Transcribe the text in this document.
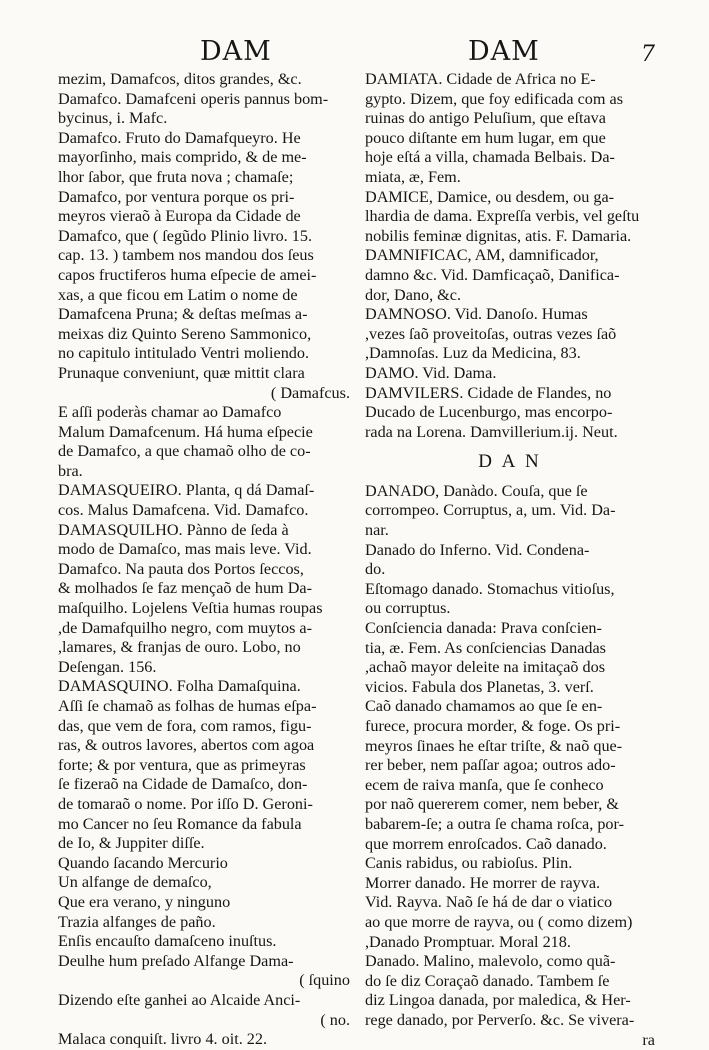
DAM	DAM	7

mezim, Damafcos, ditos grandes, &c.

Damafco. Damafceni operis pannus bom-

bycinus, i. Mafc.

Damafco. Fruto do Damafqueyro. He

mayorſinho, mais comprido, & de me-

lhor ſabor, que fruta nova ; chamaſe;

Damafco, por ventura porque os pri-

meyros vieraõ à Europa da Cidade de

Damafco, que ( ſegũdo Plinio livro. 15.

cap. 13. ) tambem nos mandou dos ſeus

capos fructiferos huma eſpecie de amei-

xas, a que ficou em Latim o nome de

Damafcena Pruna; & deſtas meſmas a-

meixas diz Quinto Sereno Sammonico,

no capitulo intitulado Ventri moliendo.

Prunaque conveniunt, quæ mittit clara

( Damafcus.

E aſſi poderàs chamar ao Damafco

Malum Damafcenum. Há huma eſpecie

de Damafco, a que chamaõ olho de co-

bra.

DAMASQUEIRO. Planta, q dá Damaſ-

cos. Malus Damafcena. Vid. Damafco.

DAMASQUILHO. Pànno de ſeda à

modo de Damaſco, mas mais leve. Vid.

Damafco. Na pauta dos Portos ſeccos,

& molhados ſe faz mençaõ de hum Da-

maſquilho. Lojelens Veſtia humas roupas

,de Damafquilho negro, com muytos a-

,lamares, & franjas de ouro. Lobo, no

Deſengan. 156.

DAMASQUINO. Folha Damaſquina.

Aſſi ſe chamaõ as folhas de humas eſpa-

das, que vem de fora, com ramos, figu-

ras, & outros lavores, abertos com agoa

forte; & por ventura, que as primeyras

ſe fizeraõ na Cidade de Damaſco, don-

de tomaraõ o nome. Por iſſo D. Geroni-

mo Cancer no ſeu Romance da fabula

de Io, & Juppiter diſſe.

Quando ſacando Mercurio

Un alfange de demaſco,

Que era verano, y ninguno

Trazia alfanges de paño.

Enſis encauſto damaſceno inuſtus.

Deulhe hum preſado Alfange Dama-

( ſquino

Dizendo eſte ganhei ao Alcaide Anci-

( no.

Malaca conquiſt. livro 4. oit. 22.

DAMIATA. Cidade de Africa no E-

gypto. Dizem, que foy edificada com as

ruinas do antigo Peluſium, que eſtava

pouco diſtante em hum lugar, em que

hoje eſtá a villa, chamada Belbais. Da-

miata, æ, Fem.

DAMICE, Damice, ou desdem, ou ga-

lhardia de dama. Expreſſa verbis, vel geſtu

nobilis feminæ dignitas, atis. F. Damaria.

DAMNIFICAC, AM, damnificador,

damno &c. Vid. Damficaçaõ, Danifica-

dor, Dano, &c.

DAMNOSO. Vid. Danoſo. Humas

,vezes ſaõ proveitoſas, outras vezes ſaõ

,Damnoſas. Luz da Medicina, 83.

DAMO. Vid. Dama.

DAMVILERS. Cidade de Flandes, no

Ducado de Lucenburgo, mas encorpo-

rada na Lorena. Damvillerium.ij. Neut.

D A N

DANADO, Danàdo. Couſa, que ſe

corrompeo. Corruptus, a, um. Vid. Da-

nar.

Danado do Inferno. Vid. Condena-

do.

Eſtomago danado. Stomachus vitioſus,

ou corruptus.

Conſciencia danada: Prava conſcien-

tia, æ. Fem. As conſciencias Danadas

,achaõ mayor deleite na imitaçaõ dos

vicios. Fabula dos Planetas, 3. verſ.

Caõ danado chamamos ao que ſe en-

furece, procura morder, & foge. Os pri-

meyros ſinaes he eſtar triſte, & naõ que-

rer beber, nem paſſar agoa; outros ado-

ecem de raiva manſa, que ſe conheco

por naõ quererem comer, nem beber, &

babarem-ſe; a outra ſe chama roſca, por-

que morrem enroſcados. Caõ danado.

Canis rabidus, ou rabioſus. Plin.

Morrer danado. He morrer de rayva.

Vid. Rayva. Naõ ſe há de dar o viatico

ao que morre de rayva, ou ( como dizem)

,Danado Promptuar. Moral 218.

Danado. Malino, malevolo, como quã-

do ſe diz Coraçaõ danado. Tambem ſe

diz Lingoa danada, por maledica, & Her-

rege danado, por Perverſo. &c. Se vivera-

ra
